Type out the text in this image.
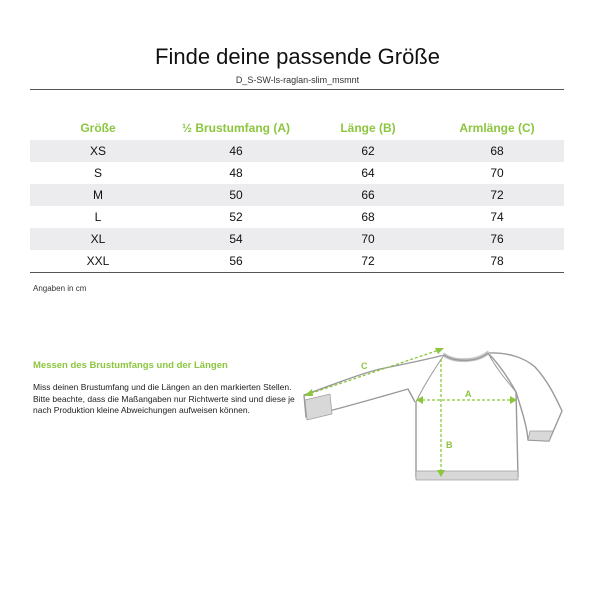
Finde deine passende Größe
D_S-SW-ls-raglan-slim_msmnt
Größe	½ Brustumfang (A)	Länge (B)	Armlänge (C)
XS	46	62	68
S	48	64	70
M	50	66	72
L	52	68	74
XL	54	70	76
XXL	56	72	78
Angaben in cm
Messen des Brustumfangs und der Längen

Miss deinen Brustumfang und die Längen an den markierten Stellen.

Bitte beachte, dass die Maßangaben nur Richtwerte sind und diese je nach Produktion kleine Abweichungen aufweisen können.

A
B
C
